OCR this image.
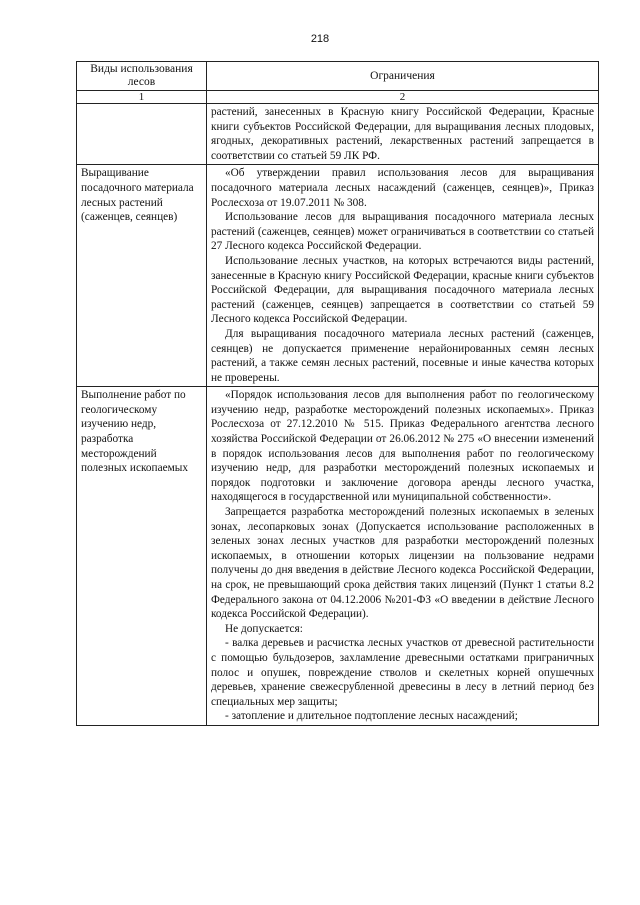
218
Виды использования лесов	Ограничения
1	2

	растений, занесенных в Красную книгу Российской Федерации, Красные книги субъектов Российской Федерации, для выращивания лесных плодовых, ягодных, декоративных растений, лекарственных растений запрещается в соответствии со статьей 59 ЛК РФ.

Выращивание посадочного материала лесных растений (саженцев, сеянцев)	«Об утверждении правил использования лесов для выращивания посадочного материала лесных насаждений (саженцев, сеянцев)», Приказ Рослесхоза от 19.07.2011 № 308.

Использование лесов для выращивания посадочного материала лесных растений (саженцев, сеянцев) может ограничиваться в соответствии со статьей 27 Лесного кодекса Российской Федерации.

Использование лесных участков, на которых встречаются виды растений, занесенные в Красную книгу Российской Федерации, красные книги субъектов Российской Федерации, для выращивания посадочного материала лесных растений (саженцев, сеянцев) запрещается в соответствии со статьей 59 Лесного кодекса Российской Федерации.

Для выращивания посадочного материала лесных растений (саженцев, сеянцев) не допускается применение нерайонированных семян лесных растений, а также семян лесных растений, посевные и иные качества которых не проверены.

Выполнение работ по геологическому изучению недр, разработка месторождений полезных ископаемых	«Порядок использования лесов для выполнения работ по геологическому изучению недр, разработке месторождений полезных ископаемых». Приказ Рослесхоза от 27.12.2010 № 515. Приказ Федерального агентства лесного хозяйства Российской Федерации от 26.06.2012 № 275 «О внесении изменений в порядок использования лесов для выполнения работ по геологическому изучению недр, для разработки месторождений полезных ископаемых и порядок подготовки и заключение договора аренды лесного участка, находящегося в государственной или муниципальной собственности».

Запрещается разработка месторождений полезных ископаемых в зеленых зонах, лесопарковых зонах (Допускается использование расположенных в зеленых зонах лесных участков для разработки месторождений полезных ископаемых, в отношении которых лицензии на пользование недрами получены до дня введения в действие Лесного кодекса Российской Федерации, на срок, не превышающий срока действия таких лицензий (Пункт 1 статьи 8.2 Федерального закона от 04.12.2006 №201-ФЗ «О введении в действие Лесного кодекса Российской Федерации).

Не допускается:

- валка деревьев и расчистка лесных участков от древесной растительности с помощью бульдозеров, захламление древесными остатками приграничных полос и опушек, повреждение стволов и скелетных корней опушечных деревьев, хранение свежесрубленной древесины в лесу в летний период без специальных мер защиты;

- затопление и длительное подтопление лесных насаждений;
